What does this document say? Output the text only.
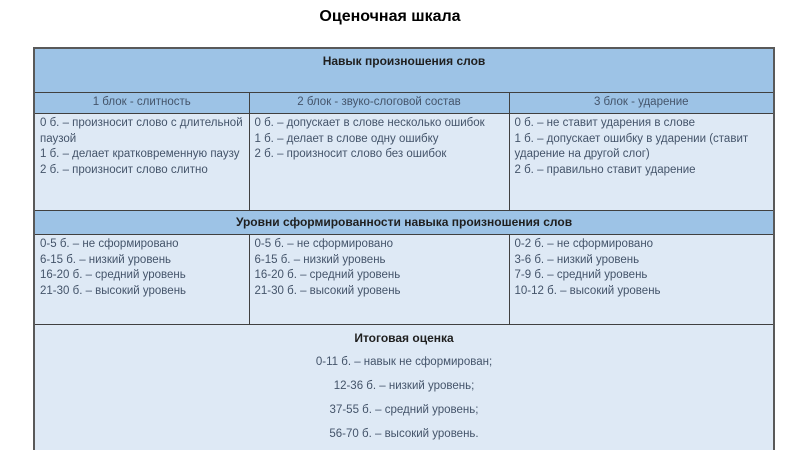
Оценочная шкала
Навык произношения слов		
1 блок - слитность	2 блок - звуко-слоговой состав	3 блок - ударение

0 б. – произносит слово с длительной паузой
1 б. – делает кратковременную паузу
2 б. – произносит слово слитно

0 б. – допускает в слове несколько ошибок
1 б. – делает в слове одну ошибку
2 б. – произносит слово без ошибок

0 б. – не ставит ударения в слове
1 б. – допускает ошибку в ударении (ставит ударение на другой слог)
2 б. – правильно ставит ударение

Уровни сформированности навыка произношения слов		

0-5 б. – не сформировано
6-15 б. – низкий уровень
16-20 б. – средний уровень
21-30 б. – высокий уровень

0-5 б. – не сформировано
6-15 б. – низкий уровень
16-20 б. – средний уровень
21-30 б. – высокий уровень

0-2 б. – не сформировано
3-6 б. – низкий уровень
7-9 б. – средний уровень
10-12 б. – высокий уровень

Итоговая оценка
0-11 б. – навык не сформирован;
12-36 б. – низкий уровень;
37-55 б. – средний уровень;
56-70 б. – высокий уровень.		
